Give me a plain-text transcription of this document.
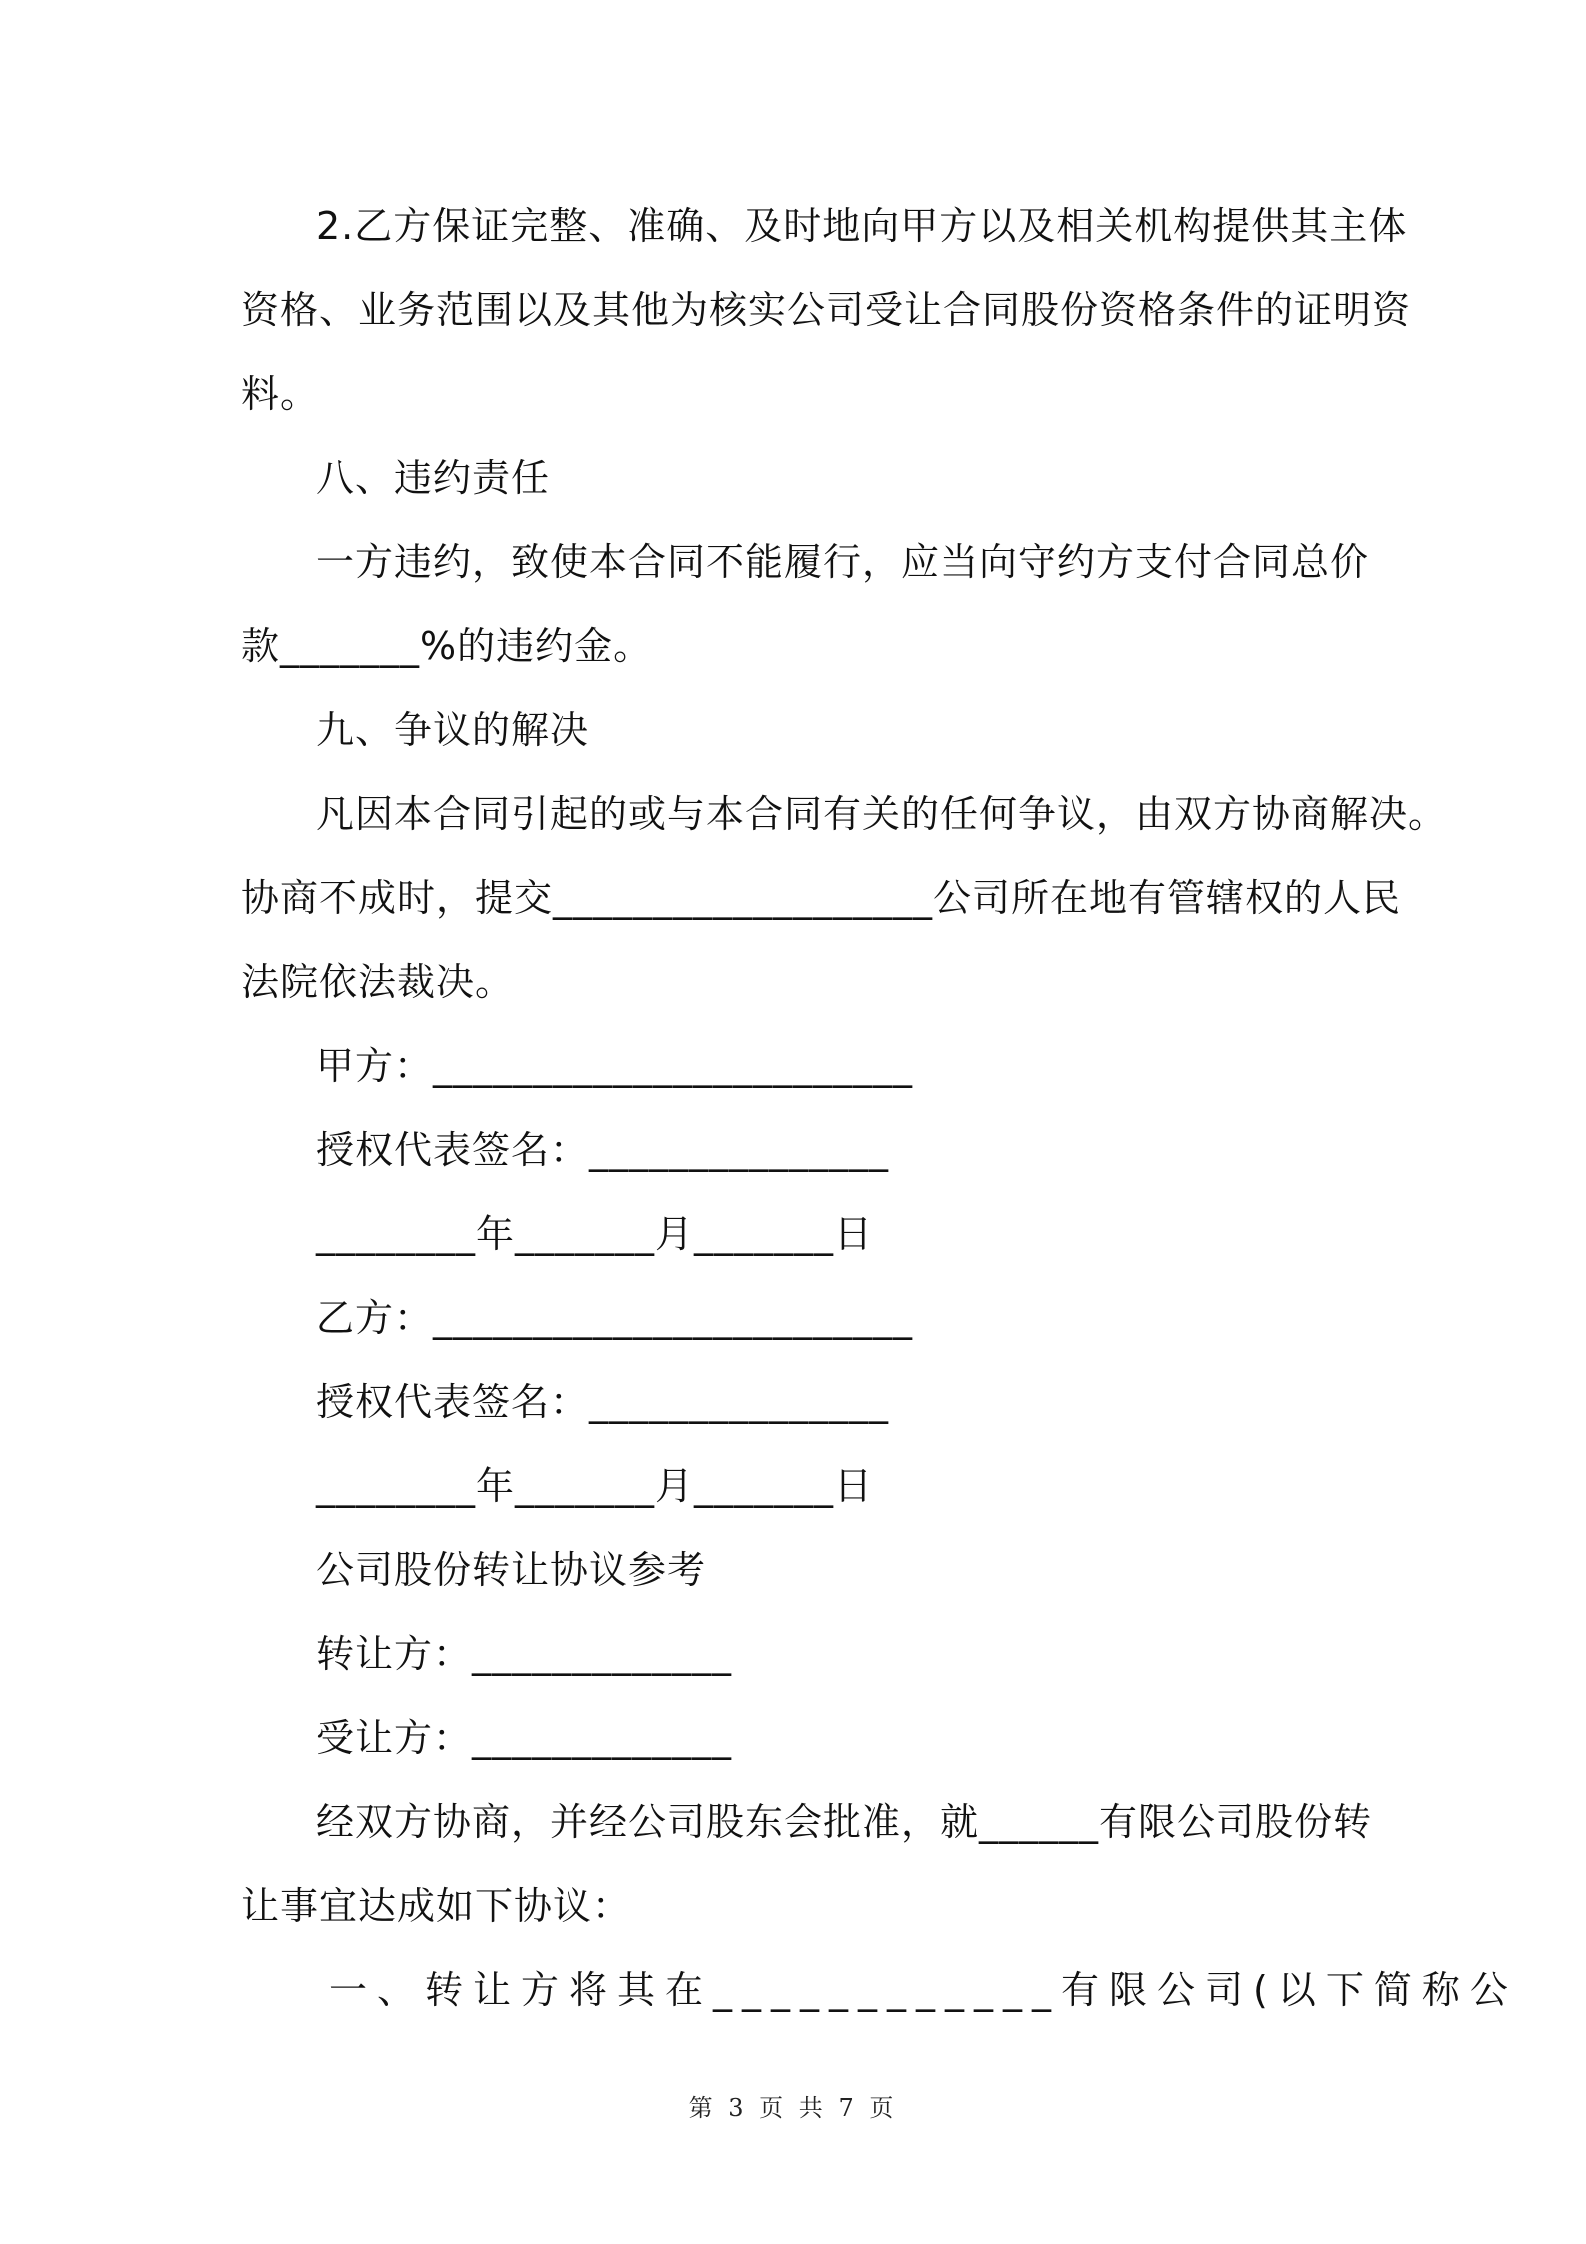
2.乙方保证完整、准确、及时地向甲方以及相关机构提供其主体
资格、业务范围以及其他为核实公司受让合同股份资格条件的证明资
料。
八、违约责任
一方违约，致使本合同不能履行，应当向守约方支付合同总价
款_______%的违约金。
九、争议的解决
凡因本合同引起的或与本合同有关的任何争议，由双方协商解决。
协商不成时，提交___________________公司所在地有管辖权的人民
法院依法裁决。
甲方：________________________
授权代表签名：_______________
________年_______月_______日
乙方：________________________
授权代表签名：_______________
________年_______月_______日
公司股份转让协议参考
转让方：_____________
受让方：_____________
经双方协商，并经公司股东会批准，就______有限公司股份转
让事宜达成如下协议：
一、转让方将其在____________有限公司(以下简称公
第 3 页 共 7 页
